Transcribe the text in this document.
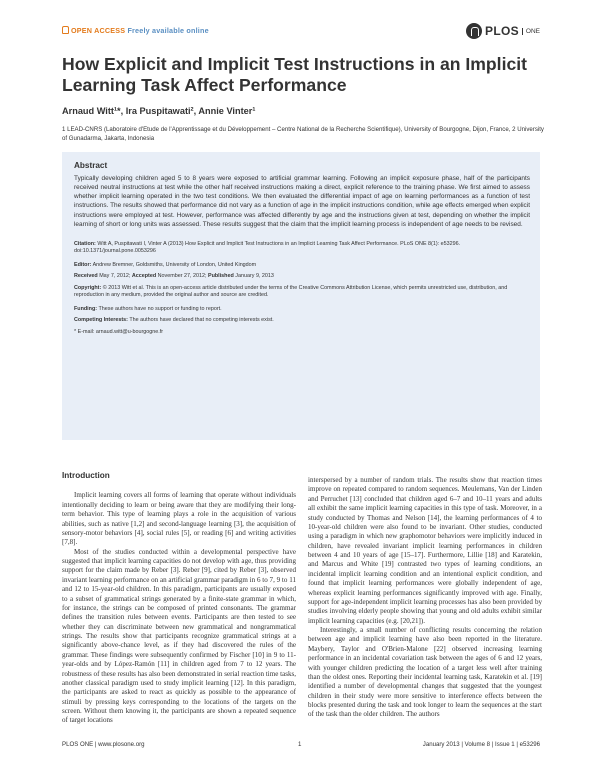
OPEN ACCESS Freely available online	PLOS	ONE
How Explicit and Implicit Test Instructions in an Implicit Learning Task Affect Performance
Arnaud Witt¹*, Ira Puspitawati², Annie Vinter¹
1 LEAD-CNRS (Laboratoire d'Etude de l'Apprentissage et du Développement – Centre National de la Recherche Scientifique), University of Bourgogne, Dijon, France, 2 University of Gunadarma, Jakarta, Indonesia
Abstract

Typically developing children aged 5 to 8 years were exposed to artificial grammar learning. Following an implicit exposure phase, half of the participants received neutral instructions at test while the other half received instructions making a direct, explicit reference to the training phase. We first aimed to assess whether implicit learning operated in the two test conditions. We then evaluated the differential impact of age on learning performances as a function of test instructions. The results showed that performance did not vary as a function of age in the implicit instructions condition, while age effects emerged when explicit instructions were employed at test. However, performance was affected differently by age and the instructions given at test, depending on whether the implicit learning of short or long units was assessed. These results suggest that the claim that the implicit learning process is independent of age needs to be revised.

Citation: Witt A, Puspitawati I, Vinter A (2013) How Explicit and Implicit Test Instructions in an Implicit Learning Task Affect Performance. PLoS ONE 8(1): e53296. doi:10.1371/journal.pone.0053296

Editor: Andrew Bremner, Goldsmiths, University of London, United Kingdom

Received May 7, 2012; Accepted November 27, 2012; Published January 9, 2013

Copyright: © 2013 Witt et al. This is an open-access article distributed under the terms of the Creative Commons Attribution License, which permits unrestricted use, distribution, and reproduction in any medium, provided the original author and source are credited.

Funding: These authors have no support or funding to report.

Competing Interests: The authors have declared that no competing interests exist.

* E-mail: arnaud.witt@u-bourgogne.fr

Introduction

Implicit learning covers all forms of learning that operate without individuals intentionally deciding to learn or being aware that they are modifying their long-term behavior. This type of learning plays a role in the acquisition of various abilities, such as native [1,2] and second-language learning [3], the acquisition of sensory-motor behaviors [4], social rules [5], or reading [6] and writing activities [7,8].

Most of the studies conducted within a developmental perspective have suggested that implicit learning capacities do not develop with age, thus providing support for the claim made by Reber [3]. Reber [9], cited by Reber [3], observed invariant learning performance on an artificial grammar paradigm in 6 to 7, 9 to 11 and 12 to 15-year-old children. In this paradigm, participants are usually exposed to a subset of grammatical strings generated by a finite-state grammar in which, for instance, the strings can be composed of printed consonants. The grammar defines the transition rules between events. Participants are then tested to see whether they can discriminate between new grammatical and nongrammatical strings. The results show that participants recognize grammatical strings at a significantly above-chance level, as if they had discovered the rules of the grammar. These findings were subsequently confirmed by Fischer [10] in 9 to 11-year-olds and by López-Ramón [11] in children aged from 7 to 12 years. The robustness of these results has also been demonstrated in serial reaction time tasks, another classical paradigm used to study implicit learning [12]. In this paradigm, the participants are asked to react as quickly as possible to the appearance of stimuli by pressing keys corresponding to the locations of the targets on the screen. Without them knowing it, the participants are shown a repeated sequence of target locations

interspersed by a number of random trials. The results show that reaction times improve on repeated compared to random sequences. Meulemans, Van der Linden and Perruchet [13] concluded that children aged 6–7 and 10–11 years and adults all exhibit the same implicit learning capacities in this type of task. Moreover, in a study conducted by Thomas and Nelson [14], the learning performances of 4 to 10-year-old children were also found to be invariant. Other studies, conducted using a paradigm in which new graphomotor behaviors were implicitly induced in children, have revealed invariant implicit learning performances in children between 4 and 10 years of age [15–17]. Furthermore, Lillie [18] and Karatekin, and Marcus and White [19] contrasted two types of learning conditions, an incidental implicit learning condition and an intentional explicit condition, and found that implicit learning performances were globally independent of age, whereas explicit learning performances significantly improved with age. Finally, support for age-independent implicit learning processes has also been provided by studies involving elderly people showing that young and old adults exhibit similar implicit learning capacities (e.g. [20,21]).

Interestingly, a small number of conflicting results concerning the relation between age and implicit learning have also been reported in the literature. Maybery, Taylor and O'Brien-Malone [22] observed increasing learning performance in an incidental covariation task between the ages of 6 and 12 years, with younger children predicting the location of a target less well after training than the oldest ones. Reporting their incidental learning task, Karatekin et al. [19] identified a number of developmental changes that suggested that the youngest children in their study were more sensitive to interference effects between the blocks presented during the task and took longer to learn the sequences at the start of the task than the older children. The authors

PLOS ONE | www.plosone.org	1	January 2013 | Volume 8 | Issue 1 | e53296
